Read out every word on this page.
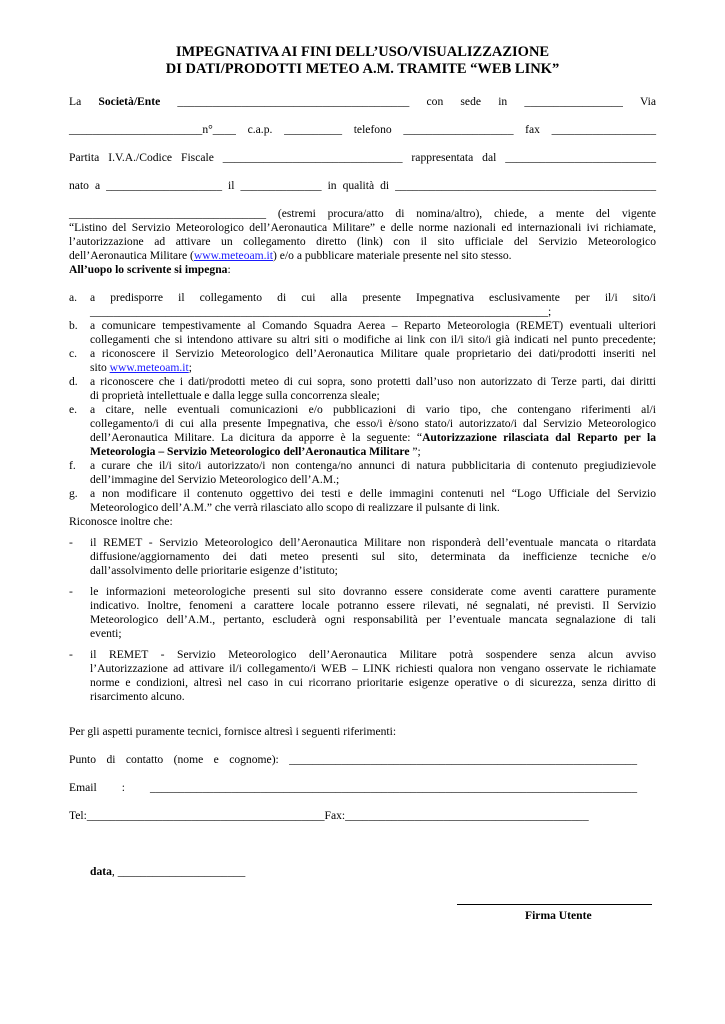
IMPEGNATIVA AI FINI DELL’USO/VISUALIZZAZIONE
DI DATI/PRODOTTI METEO A.M. TRAMITE “WEB LINK”
La Società/Ente ________________________________________ con sede in _________________ Via
_______________________n°____ c.a.p. __________ telefono ___________________ fax __________________
Partita I.V.A./Codice Fiscale _______________________________ rappresentata dal __________________________
nato a ____________________ il ______________ in qualità di _____________________________________________
__________________________________ (estremi procura/atto di nomina/altro), chiede, a mente del vigente
“Listino del Servizio Meteorologico dell’Aeronautica Militare” e delle norme nazionali ed internazionali ivi richiamate,
l’autorizzazione ad attivare un collegamento diretto (link) con il sito ufficiale del Servizio Meteorologico
dell’Aeronautica Militare (www.meteoam.it) e/o a pubblicare materiale presente nel sito stesso.
All’uopo lo scrivente si impegna:
a. a predisporre il collegamento di cui alla presente Impegnativa esclusivamente per il/i sito/i
_______________________________________________________________________________;
b. a comunicare tempestivamente al Comando Squadra Aerea – Reparto Meteorologia (REMET) eventuali ulteriori
collegamenti che si intendono attivare su altri siti o modifiche ai link con il/i sito/i già indicati nel punto precedente;
c. a riconoscere il Servizio Meteorologico dell’Aeronautica Militare quale proprietario dei dati/prodotti inseriti nel
sito www.meteoam.it;
d. a riconoscere che i dati/prodotti meteo di cui sopra, sono protetti dall’uso non autorizzato di Terze parti, dai diritti
di proprietà intellettuale e dalla legge sulla concorrenza sleale;
e. a citare, nelle eventuali comunicazioni e/o pubblicazioni di vario tipo, che contengano riferimenti al/i
collegamento/i di cui alla presente Impegnativa, che esso/i è/sono stato/i autorizzato/i dal Servizio Meteorologico
dell’Aeronautica Militare. La dicitura da apporre è la seguente: “Autorizzazione rilasciata dal Reparto per la
Meteorologia – Servizio Meteorologico dell’Aeronautica Militare ”;
f. a curare che il/i sito/i autorizzato/i non contenga/no annunci di natura pubblicitaria di contenuto pregiudizievole
dell’immagine del Servizio Meteorologico dell’A.M.;
g. a non modificare il contenuto oggettivo dei testi e delle immagini contenuti nel “Logo Ufficiale del Servizio
Meteorologico dell’A.M.” che verrà rilasciato allo scopo di realizzare il pulsante di link.
Riconosce inoltre che:
- il REMET - Servizio Meteorologico dell’Aeronautica Militare non risponderà dell’eventuale mancata o ritardata
diffusione/aggiornamento dei dati meteo presenti sul sito, determinata da inefficienze tecniche e/o
dall’assolvimento delle prioritarie esigenze d’istituto;
- le informazioni meteorologiche presenti sul sito dovranno essere considerate come aventi carattere puramente
indicativo. Inoltre, fenomeni a carattere locale potranno essere rilevati, né segnalati, né previsti. Il Servizio
Meteorologico dell’A.M., pertanto, escluderà ogni responsabilità per l’eventuale mancata segnalazione di tali
eventi;
- il REMET - Servizio Meteorologico dell’Aeronautica Militare potrà sospendere senza alcun avviso
l’Autorizzazione ad attivare il/i collegamento/i WEB – LINK richiesti qualora non vengano osservate le richiamate
norme e condizioni, altresì nel caso in cui ricorrano prioritarie esigenze operative o di sicurezza, senza diritto di
risarcimento alcuno.
Per gli aspetti puramente tecnici, fornisce altresì i seguenti riferimenti:
Punto di contatto (nome e cognome): ____________________________________________________________
Email : ____________________________________________________________________________________
Tel:_________________________________________Fax:__________________________________________
data, ______________________
Firma Utente
